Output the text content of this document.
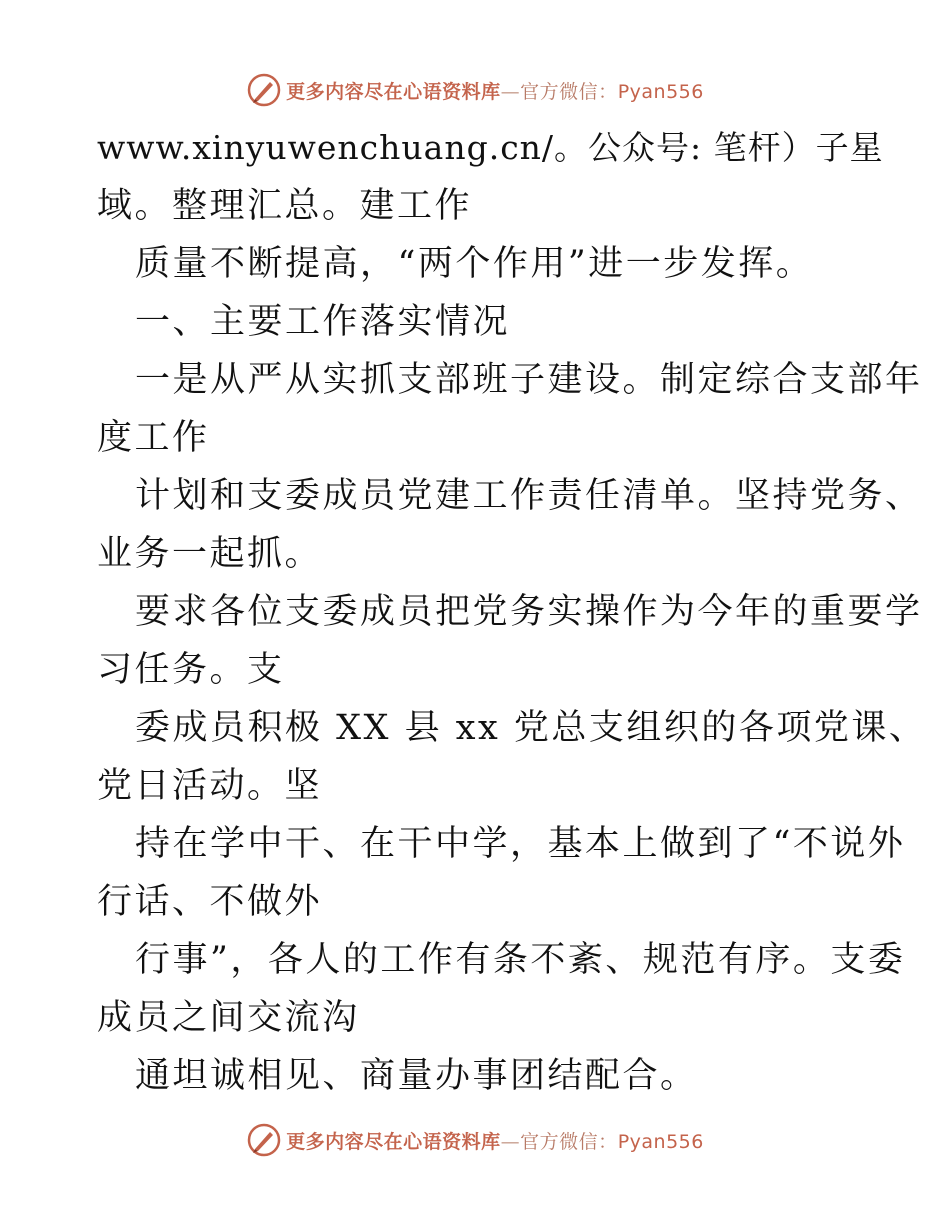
更多内容尽在心语资料库—官方微信：Pyan556
www.xinyuwenchuang.cn/。公众号: 笔杆）子星
域。整理汇总。建工作
质量不断提高，“两个作用”进一步发挥。
一、主要工作落实情况
一是从严从实抓支部班子建设。制定综合支部年
度工作
计划和支委成员党建工作责任清单。坚持党务、
业务一起抓。
要求各位支委成员把党务实操作为今年的重要学
习任务。支
委成员积极 XX 县 xx 党总支组织的各项党课、
党日活动。坚
持在学中干、在干中学，基本上做到了“不说外
行话、不做外
行事”，各人的工作有条不紊、规范有序。支委
成员之间交流沟
通坦诚相见、商量办事团结配合。
更多内容尽在心语资料库—官方微信：Pyan556
